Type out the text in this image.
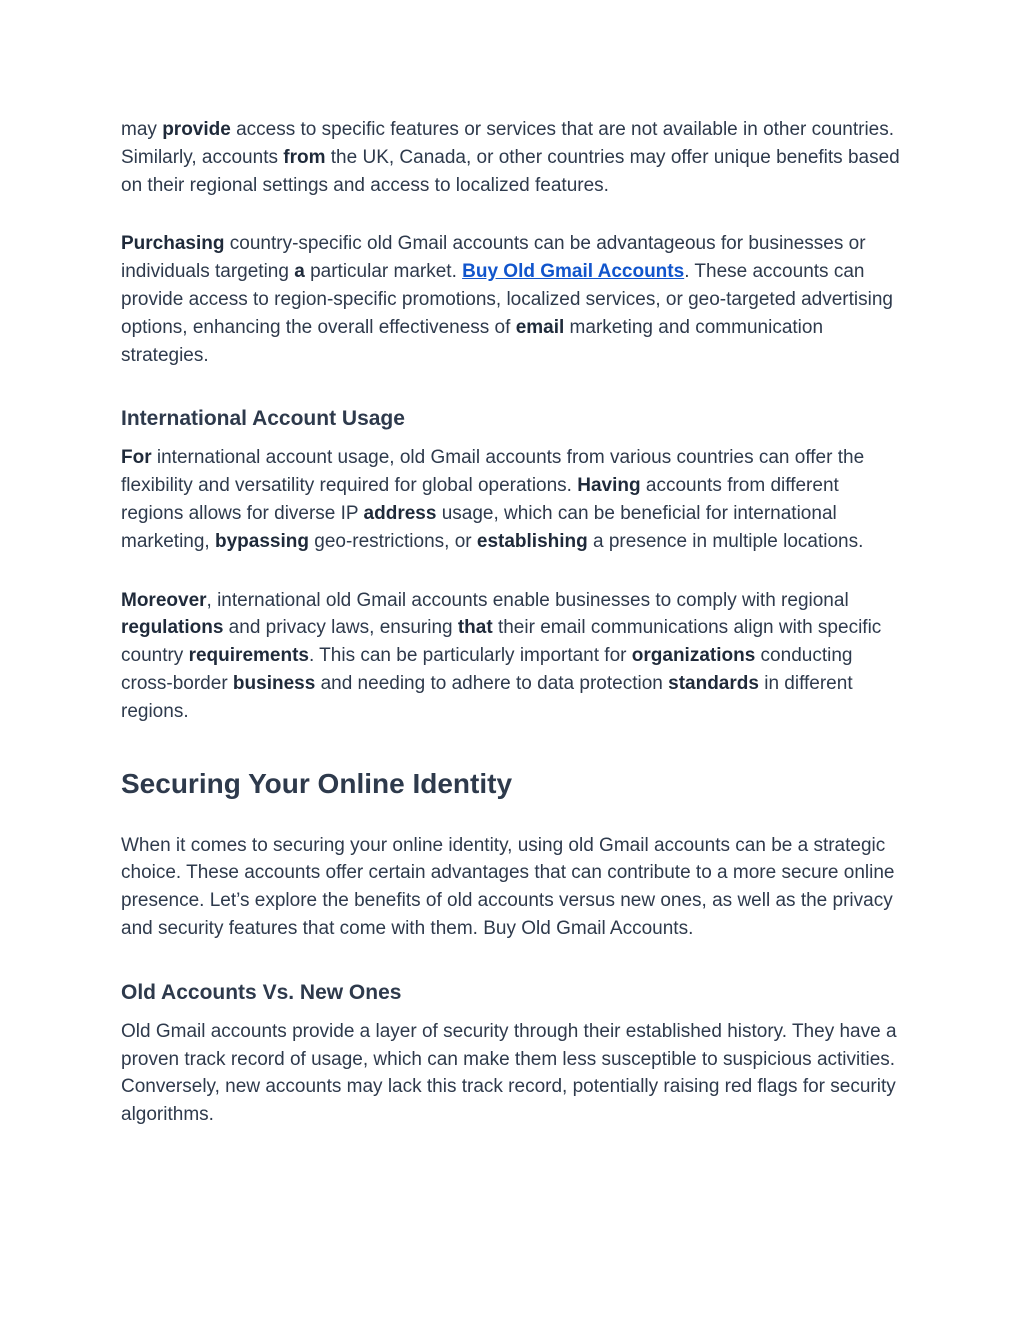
may provide access to specific features or services that are not available in other countries. Similarly, accounts from the UK, Canada, or other countries may offer unique benefits based on their regional settings and access to localized features.

Purchasing country-specific old Gmail accounts can be advantageous for businesses or individuals targeting a particular market. Buy Old Gmail Accounts. These accounts can provide access to region-specific promotions, localized services, or geo-targeted advertising options, enhancing the overall effectiveness of email marketing and communication strategies.

International Account Usage

For international account usage, old Gmail accounts from various countries can offer the flexibility and versatility required for global operations. Having accounts from different regions allows for diverse IP address usage, which can be beneficial for international marketing, bypassing geo-restrictions, or establishing a presence in multiple locations.

Moreover, international old Gmail accounts enable businesses to comply with regional regulations and privacy laws, ensuring that their email communications align with specific country requirements. This can be particularly important for organizations conducting cross-border business and needing to adhere to data protection standards in different regions.

Securing Your Online Identity

When it comes to securing your online identity, using old Gmail accounts can be a strategic choice. These accounts offer certain advantages that can contribute to a more secure online presence. Let’s explore the benefits of old accounts versus new ones, as well as the privacy and security features that come with them. Buy Old Gmail Accounts.

Old Accounts Vs. New Ones

Old Gmail accounts provide a layer of security through their established history. They have a proven track record of usage, which can make them less susceptible to suspicious activities. Conversely, new accounts may lack this track record, potentially raising red flags for security algorithms.
